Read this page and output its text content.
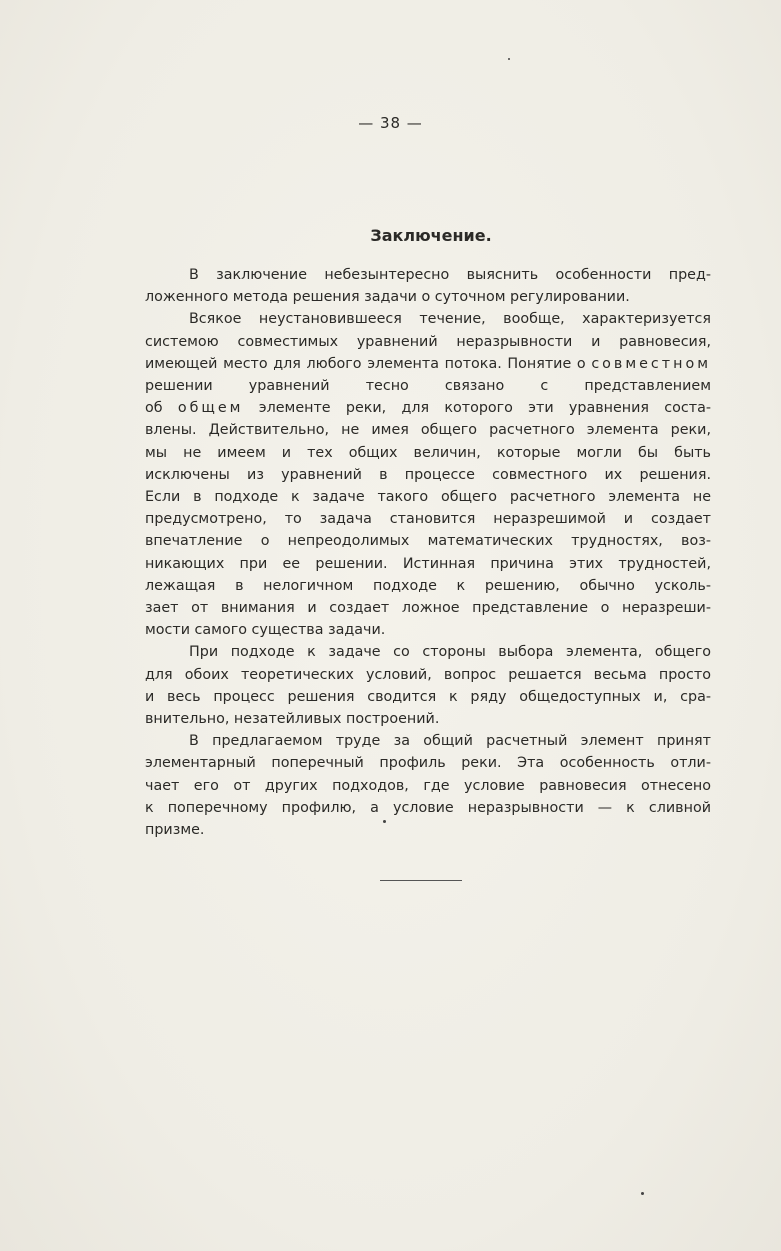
— 38 —
Заключение.
В заключение небезынтересно выяснить особенности пред-
ложенного метода решения задачи о суточном регулировании.
Всякое неустановившееся течение, вообще, характеризуется
системою совместимых уравнений неразрывности и равновесия,
имеющей место для любого элемента потока. Понятие о совместном
решении уравнений тесно связано с представлением
об общем элементе реки, для которого эти уравнения соста-
влены. Действительно, не имея общего расчетного элемента реки,
мы не имеем и тех общих величин, которые могли бы быть
исключены из уравнений в процессе совместного их решения.
Если в подходе к задаче такого общего расчетного элемента не
предусмотрено, то задача становится неразрешимой и создает
впечатление о непреодолимых математических трудностях, воз-
никающих при ее решении. Истинная причина этих трудностей,
лежащая в нелогичном подходе к решению, обычно усколь-
зает от внимания и создает ложное представление о неразреши-
мости самого существа задачи.
При подходе к задаче со стороны выбора элемента, общего
для обоих теоретических условий, вопрос решается весьма просто
и весь процесс решения сводится к ряду общедоступных и, сра-
внительно, незатейливых построений.
В предлагаемом труде за общий расчетный элемент принят
элементарный поперечный профиль реки. Эта особенность отли-
чает его от других подходов, где условие равновесия отнесено
к поперечному профилю, а условие неразрывности — к сливной
призме.
